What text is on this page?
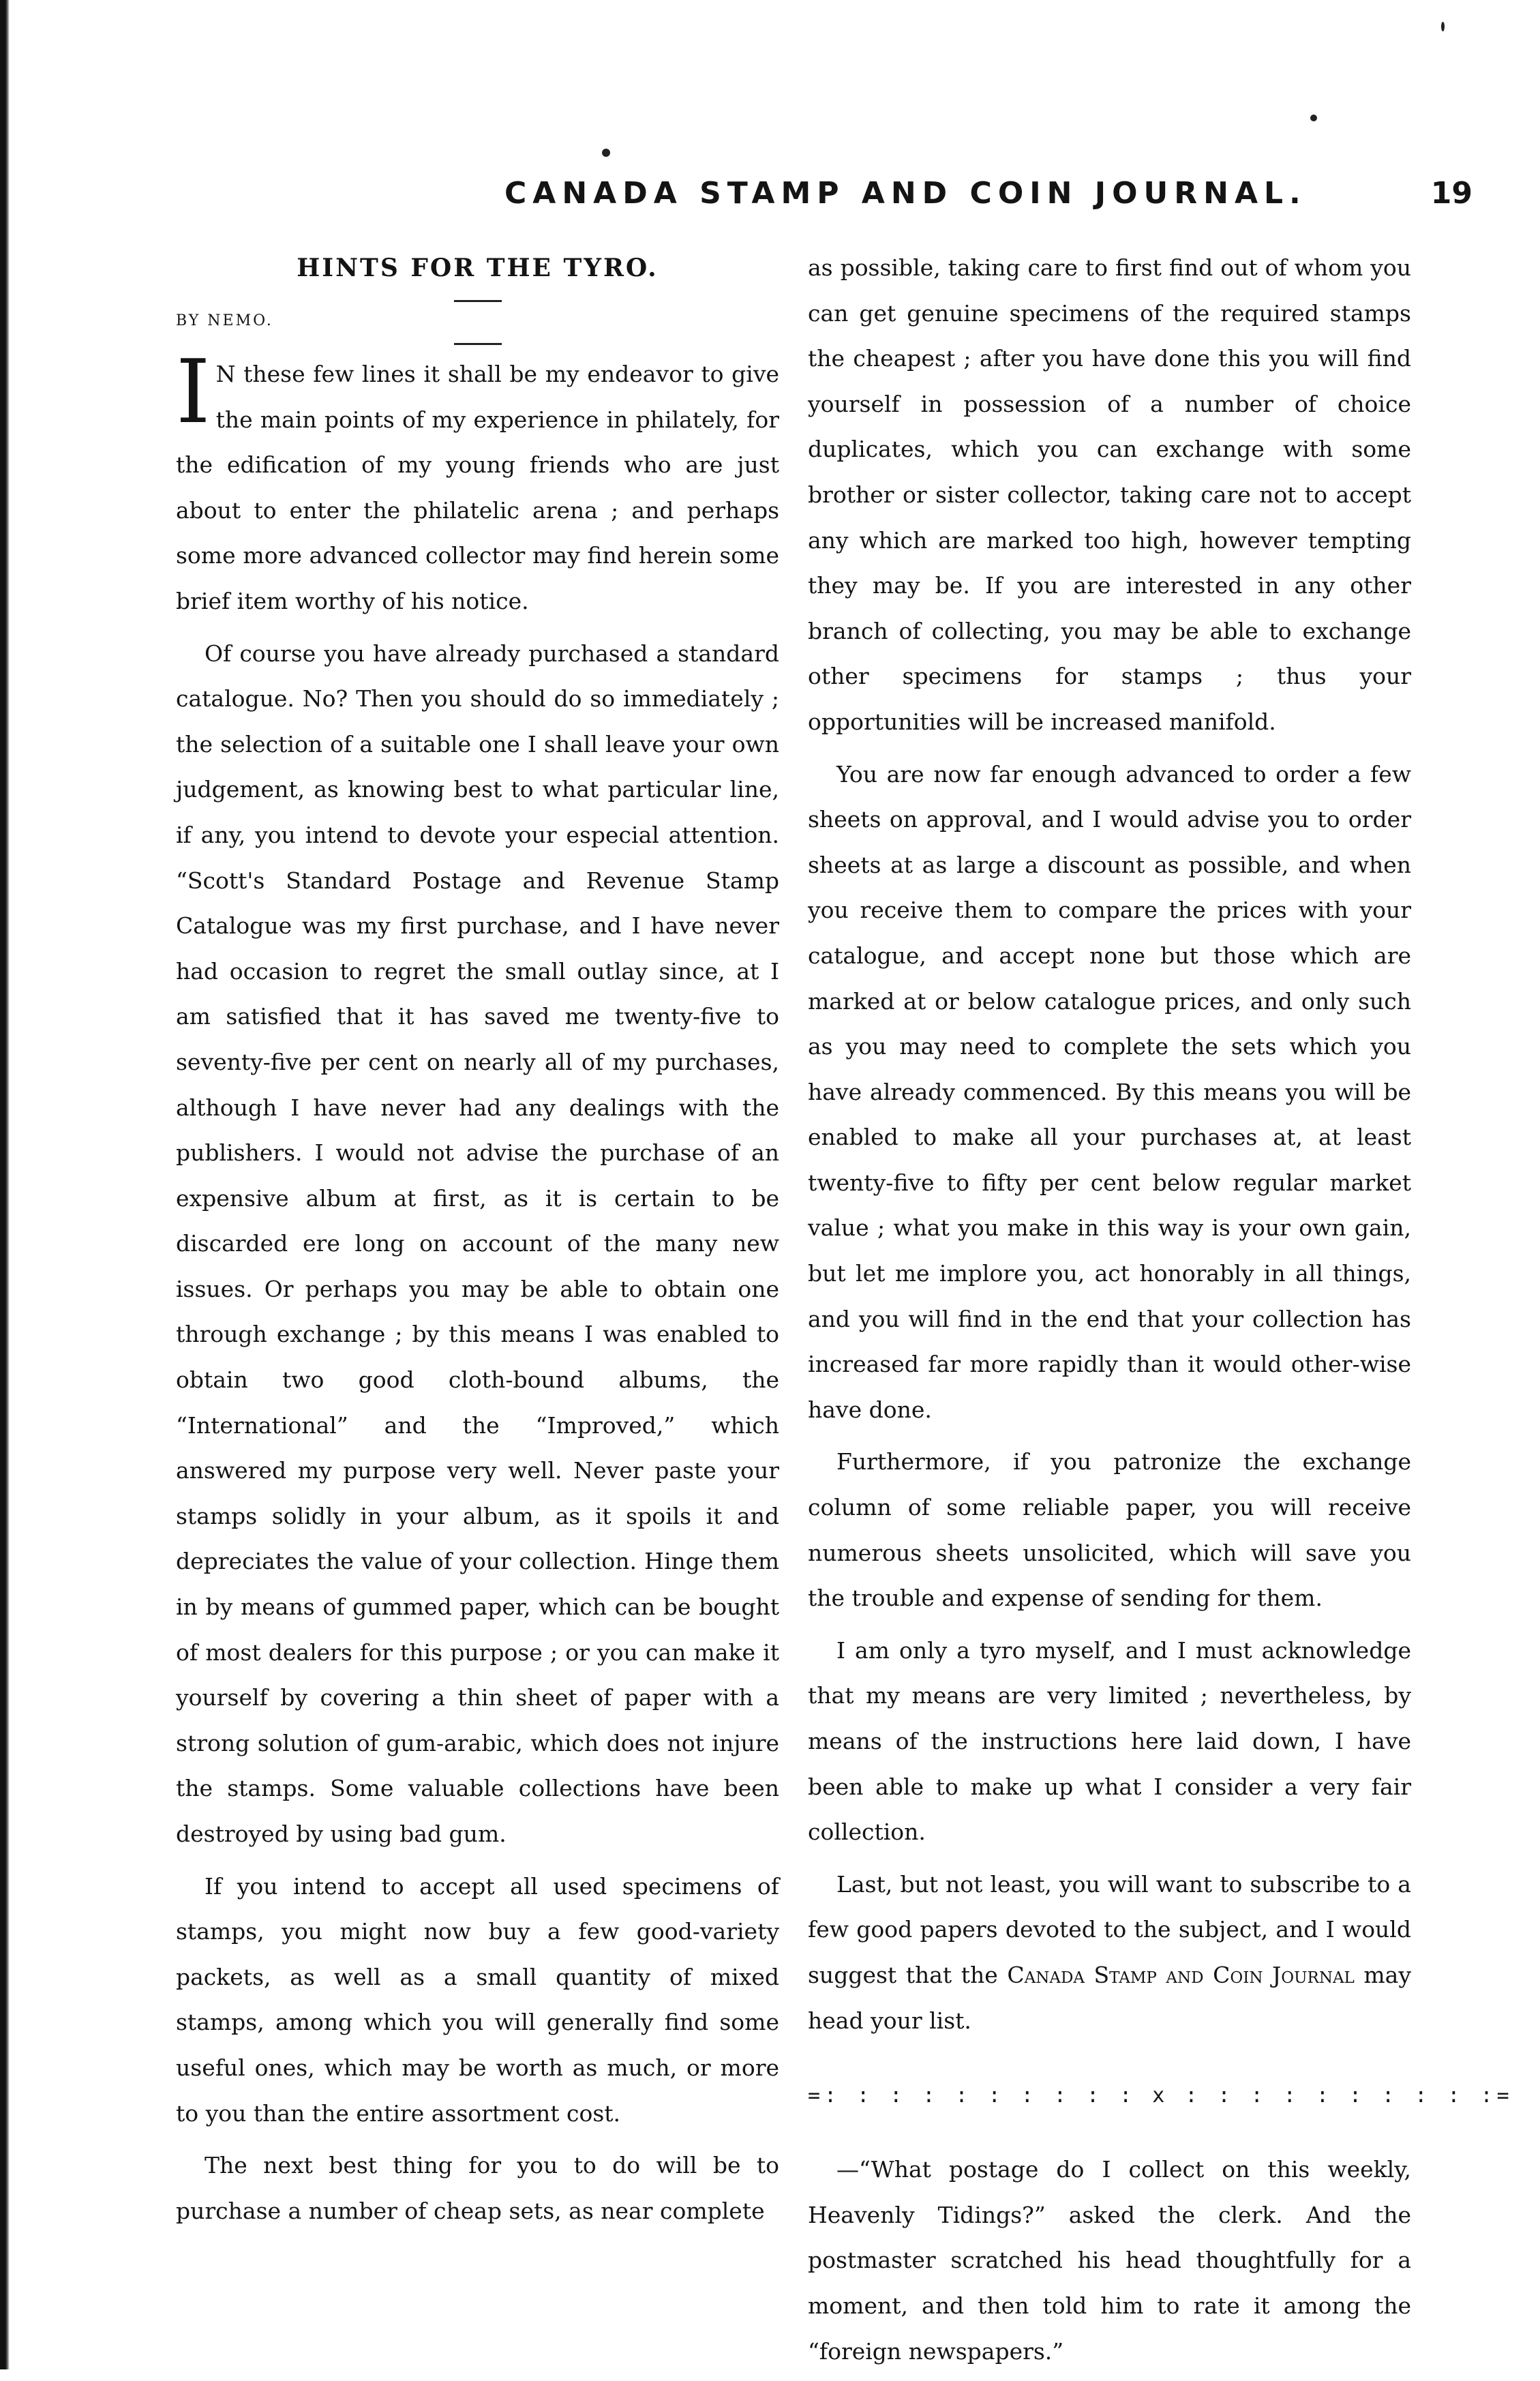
CANADA STAMP AND COIN JOURNAL.	19
HINTS FOR THE TYRO.

BY NEMO.

I N these few lines it shall be my endeavor to give the main points of my experience in philately, for the edification of my young friends who are just about to enter the philatelic arena ; and perhaps some more advanced collector may find herein some brief item worthy of his notice.

Of course you have already purchased a standard catalogue. No? Then you should do so immediately ; the selection of a suitable one I shall leave your own judgement, as knowing best to what particular line, if any, you intend to devote your especial attention. “Scott's Standard Postage and Revenue Stamp Catalogue was my first purchase, and I have never had occasion to regret the small outlay since, at I am satisfied that it has saved me twenty-five to seventy-five per cent on nearly all of my purchases, although I have never had any dealings with the publishers. I would not advise the purchase of an expensive album at first, as it is certain to be discarded ere long on account of the many new issues. Or perhaps you may be able to obtain one through exchange ; by this means I was enabled to obtain two good cloth-bound albums, the “International” and the “Improved,” which answered my purpose very well. Never paste your stamps solidly in your album, as it spoils it and depreciates the value of your collection. Hinge them in by means of gummed paper, which can be bought of most dealers for this purpose ; or you can make it yourself by covering a thin sheet of paper with a strong solution of gum-arabic, which does not injure the stamps. Some valuable collections have been destroyed by using bad gum.

If you intend to accept all used specimens of stamps, you might now buy a few good-variety packets, as well as a small quantity of mixed stamps, among which you will generally find some useful ones, which may be worth as much, or more to you than the entire assortment cost.

The next best thing for you to do will be to purchase a number of cheap sets, as near complete

as possible, taking care to first find out of whom you can get genuine specimens of the required stamps the cheapest ; after you have done this you will find yourself in possession of a number of choice duplicates, which you can exchange with some brother or sister collector, taking care not to accept any which are marked too high, however tempting they may be. If you are interested in any other branch of collecting, you may be able to exchange other specimens for stamps ; thus your opportunities will be increased manifold.

You are now far enough advanced to order a few sheets on approval, and I would advise you to order sheets at as large a discount as possible, and when you receive them to compare the prices with your catalogue, and accept none but those which are marked at or below catalogue prices, and only such as you may need to complete the sets which you have already commenced. By this means you will be enabled to make all your purchases at, at least twenty-five to fifty per cent below regular market value ; what you make in this way is your own gain, but let me implore you, act honorably in all things, and you will find in the end that your collection has increased far more rapidly than it would other-wise have done.

Furthermore, if you patronize the exchange column of some reliable paper, you will receive numerous sheets unsolicited, which will save you the trouble and expense of sending for them.

I am only a tyro myself, and I must acknowledge that my means are very limited ; nevertheless, by means of the instructions here laid down, I have been able to make up what I consider a very fair collection.

Last, but not least, you will want to subscribe to a few good papers devoted to the subject, and I would suggest that the Canada Stamp and Coin Journal may head your list.

=: : : : : : : : : : x : : : : : : : : : :=

—“What postage do I collect on this weekly, Heavenly Tidings?” asked the clerk. And the postmaster scratched his head thoughtfully for a moment, and then told him to rate it among the “foreign newspapers.”
